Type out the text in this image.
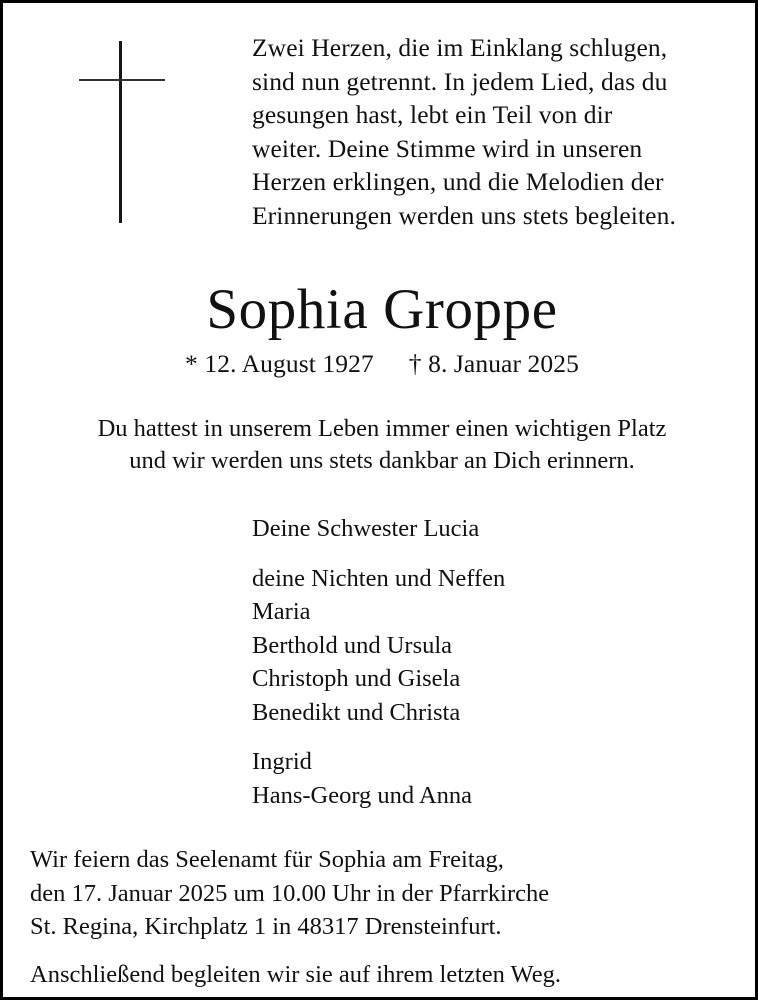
Zwei Herzen, die im Einklang schlugen,
sind nun getrennt. In jedem Lied, das du
gesungen hast, lebt ein Teil von dir
weiter. Deine Stimme wird in unseren
Herzen erklingen, und die Melodien der
Erinnerungen werden uns stets begleiten.
Sophia Groppe
* 12. August 1927 † 8. Januar 2025
Du hattest in unserem Leben immer einen wichtigen Platz
und wir werden uns stets dankbar an Dich erinnern.
Deine Schwester Lucia
deine Nichten und Neffen
Maria
Berthold und Ursula
Christoph und Gisela
Benedikt und Christa
Ingrid
Hans-Georg und Anna
Wir feiern das Seelenamt für Sophia am Freitag,
den 17. Januar 2025 um 10.00 Uhr in der Pfarrkirche
St. Regina, Kirchplatz 1 in 48317 Drensteinfurt.
Anschließend begleiten wir sie auf ihrem letzten Weg.
